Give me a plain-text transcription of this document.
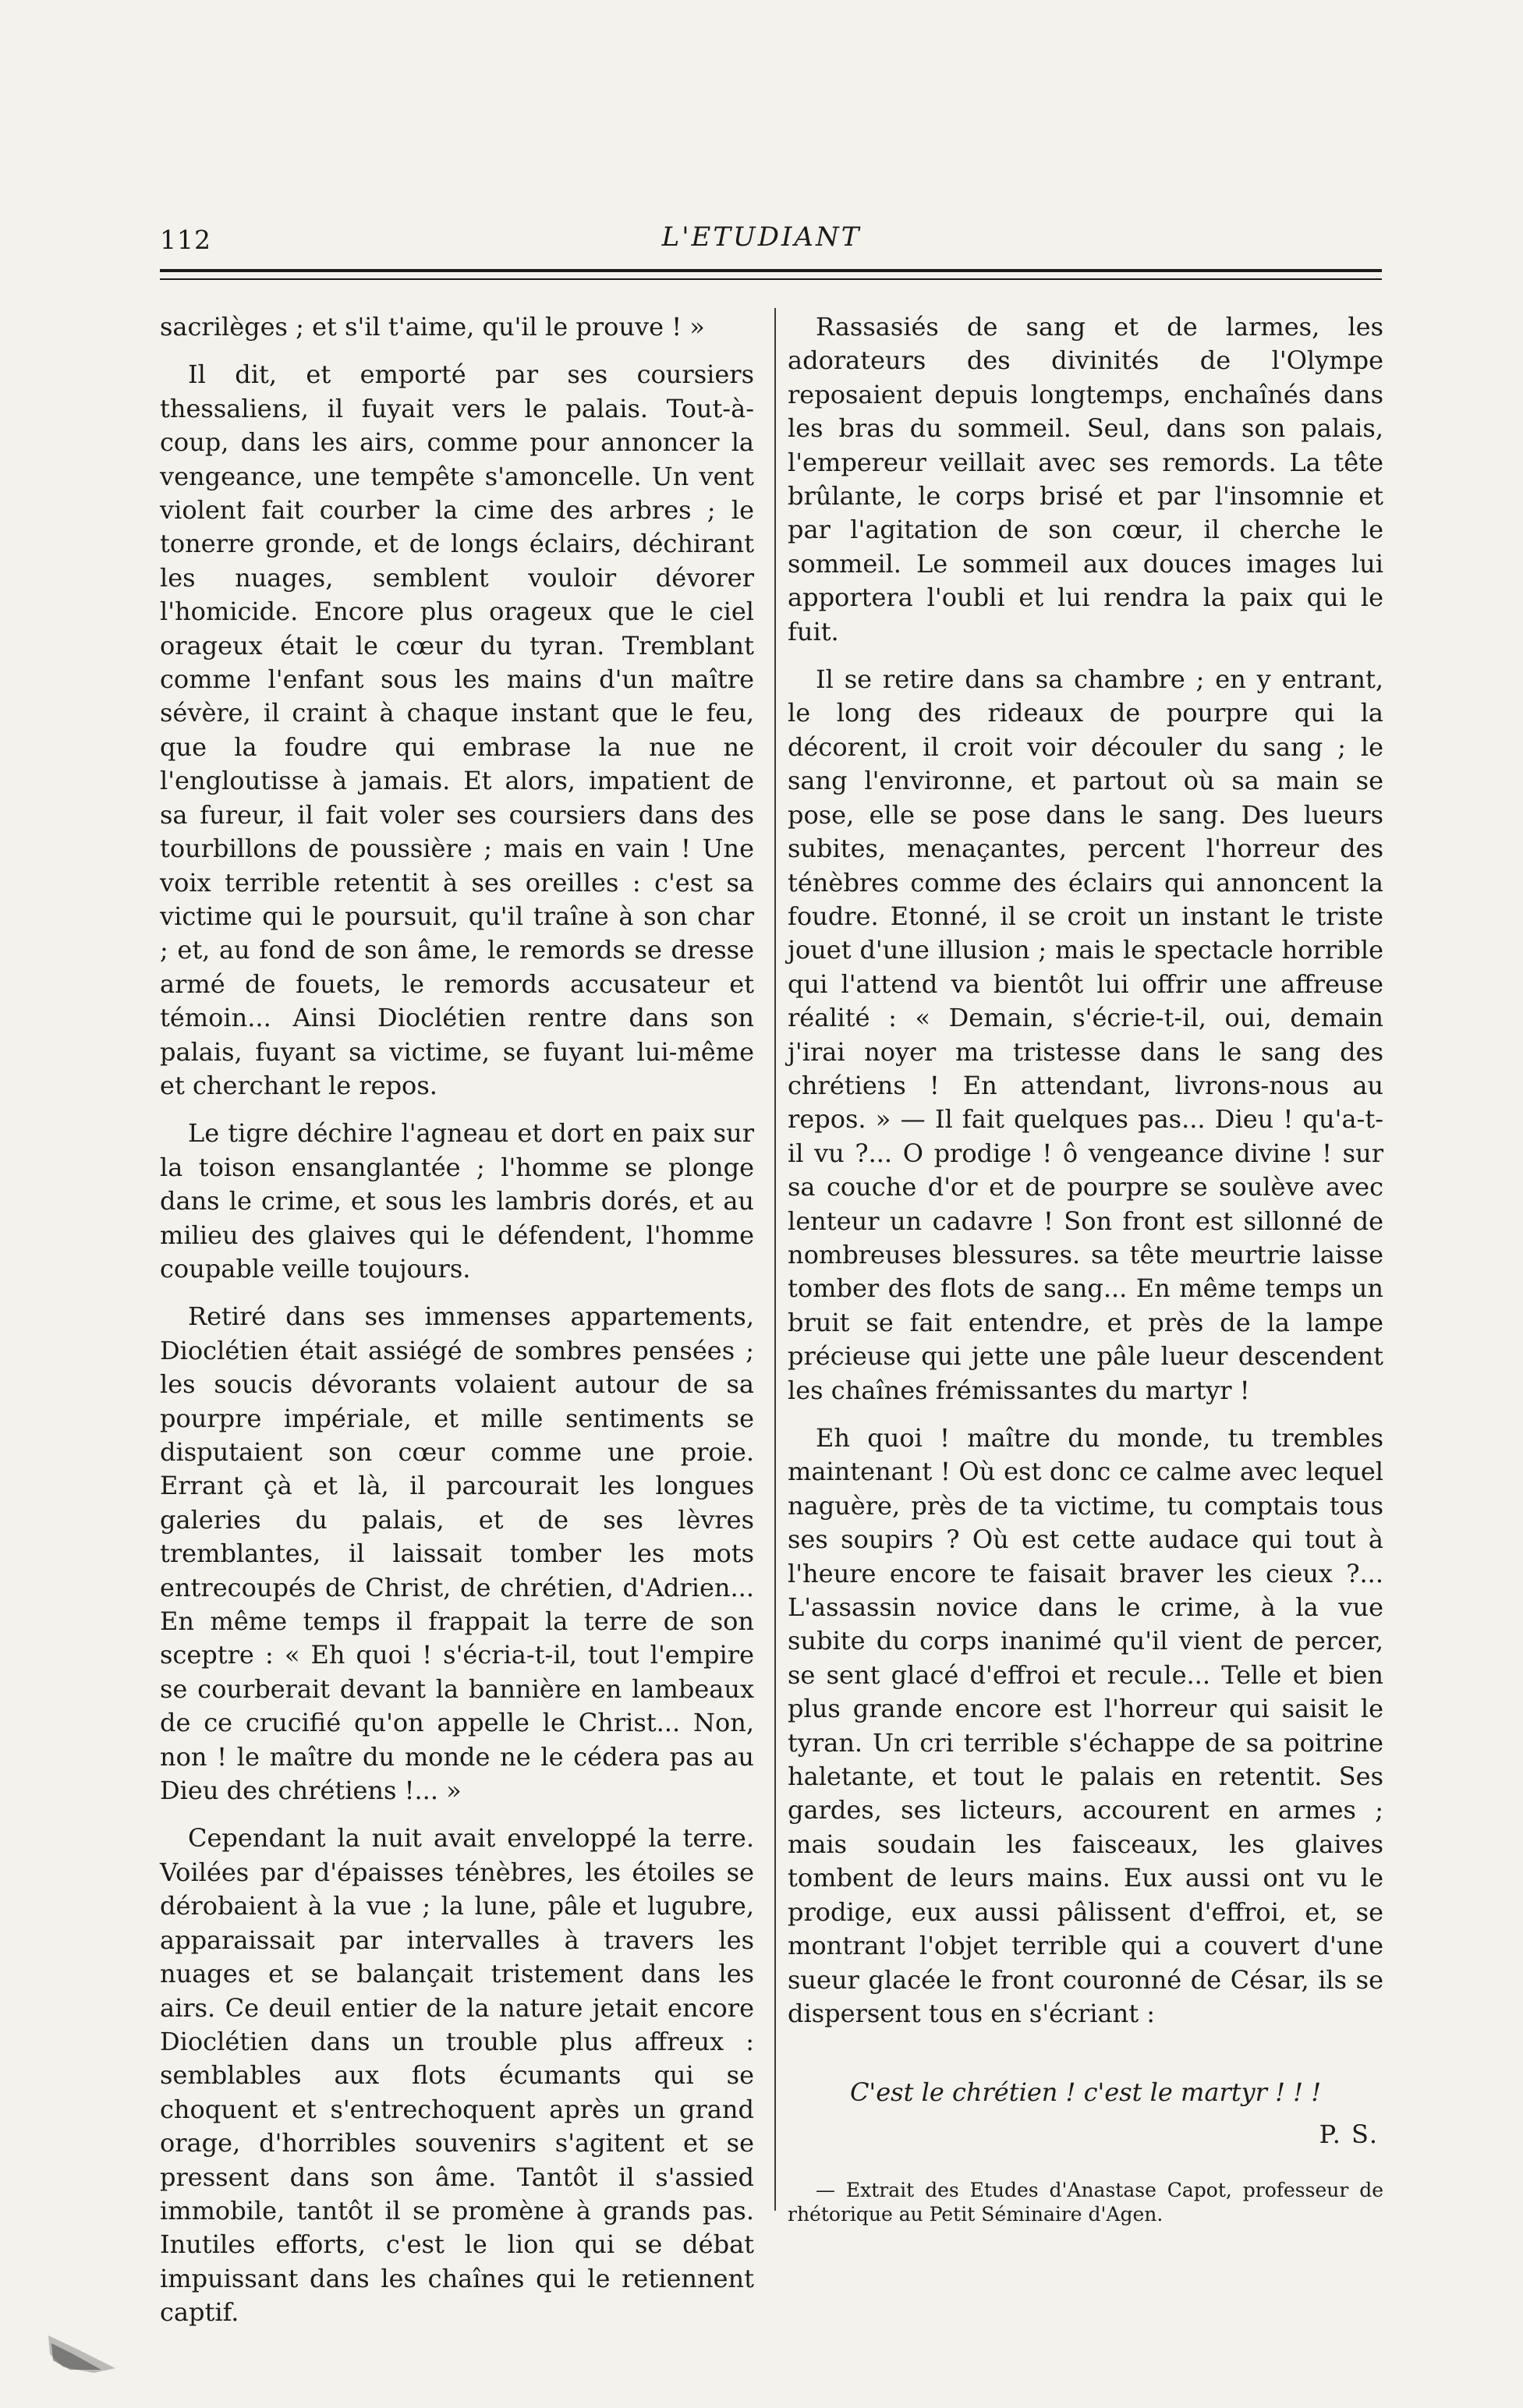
112	L'ETUDIANT

sacrilèges ; et s'il t'aime, qu'il le prouve ! »

Il dit, et emporté par ses coursiers thessaliens, il fuyait vers le palais. Tout-à-coup, dans les airs, comme pour annoncer la vengeance, une tempête s'amoncelle. Un vent violent fait courber la cime des arbres ; le tonerre gronde, et de longs éclairs, déchirant les nuages, semblent vouloir dévorer l'homicide. Encore plus orageux que le ciel orageux était le cœur du tyran. Tremblant comme l'enfant sous les mains d'un maître sévère, il craint à chaque instant que le feu, que la foudre qui embrase la nue ne l'engloutisse à jamais. Et alors, impatient de sa fureur, il fait voler ses coursiers dans des tourbillons de poussière ; mais en vain ! Une voix terrible retentit à ses oreilles : c'est sa victime qui le poursuit, qu'il traîne à son char ; et, au fond de son âme, le remords se dresse armé de fouets, le remords accusateur et témoin... Ainsi Dioclétien rentre dans son palais, fuyant sa victime, se fuyant lui-même et cherchant le repos.

Le tigre déchire l'agneau et dort en paix sur la toison ensanglantée ; l'homme se plonge dans le crime, et sous les lambris dorés, et au milieu des glaives qui le défendent, l'homme coupable veille toujours.

Retiré dans ses immenses appartements, Dioclétien était assiégé de sombres pensées ; les soucis dévorants volaient autour de sa pourpre impériale, et mille sentiments se disputaient son cœur comme une proie. Errant çà et là, il parcourait les longues galeries du palais, et de ses lèvres tremblantes, il laissait tomber les mots entrecoupés de Christ, de chrétien, d'Adrien... En même temps il frappait la terre de son sceptre : « Eh quoi ! s'écria-t-il, tout l'empire se courberait devant la bannière en lambeaux de ce crucifié qu'on appelle le Christ... Non, non ! le maître du monde ne le cédera pas au Dieu des chrétiens !... »

Cependant la nuit avait enveloppé la terre. Voilées par d'épaisses ténèbres, les étoiles se dérobaient à la vue ; la lune, pâle et lugubre, apparaissait par intervalles à travers les nuages et se balançait tristement dans les airs. Ce deuil entier de la nature jetait encore Dioclétien dans un trouble plus affreux : semblables aux flots écumants qui se choquent et s'entrechoquent après un grand orage, d'horribles souvenirs s'agitent et se pressent dans son âme. Tantôt il s'assied immobile, tantôt il se promène à grands pas. Inutiles efforts, c'est le lion qui se débat impuissant dans les chaînes qui le retiennent captif.

Rassasiés de sang et de larmes, les adorateurs des divinités de l'Olympe reposaient depuis longtemps, enchaînés dans les bras du sommeil. Seul, dans son palais, l'empereur veillait avec ses remords. La tête brûlante, le corps brisé et par l'insomnie et par l'agitation de son cœur, il cherche le sommeil. Le sommeil aux douces images lui apportera l'oubli et lui rendra la paix qui le fuit.

Il se retire dans sa chambre ; en y entrant, le long des rideaux de pourpre qui la décorent, il croit voir découler du sang ; le sang l'environne, et partout où sa main se pose, elle se pose dans le sang. Des lueurs subites, menaçantes, percent l'horreur des ténèbres comme des éclairs qui annoncent la foudre. Etonné, il se croit un instant le triste jouet d'une illusion ; mais le spectacle horrible qui l'attend va bientôt lui offrir une affreuse réalité : « Demain, s'écrie-t-il, oui, demain j'irai noyer ma tristesse dans le sang des chrétiens ! En attendant, livrons-nous au repos. » — Il fait quelques pas... Dieu ! qu'a-t-il vu ?... O prodige ! ô vengeance divine ! sur sa couche d'or et de pourpre se soulève avec lenteur un cadavre ! Son front est sillonné de nombreuses blessures. sa tête meurtrie laisse tomber des flots de sang... En même temps un bruit se fait entendre, et près de la lampe précieuse qui jette une pâle lueur descendent les chaînes frémissantes du martyr !

Eh quoi ! maître du monde, tu trembles maintenant ! Où est donc ce calme avec lequel naguère, près de ta victime, tu comptais tous ses soupirs ? Où est cette audace qui tout à l'heure encore te faisait braver les cieux ?... L'assassin novice dans le crime, à la vue subite du corps inanimé qu'il vient de percer, se sent glacé d'effroi et recule... Telle et bien plus grande encore est l'horreur qui saisit le tyran. Un cri terrible s'échappe de sa poitrine haletante, et tout le palais en retentit. Ses gardes, ses licteurs, accourent en armes ; mais soudain les faisceaux, les glaives tombent de leurs mains. Eux aussi ont vu le prodige, eux aussi pâlissent d'effroi, et, se montrant l'objet terrible qui a couvert d'une sueur glacée le front couronné de César, ils se dispersent tous en s'écriant :

C'est le chrétien ! c'est le martyr ! ! !

P. S.

— Extrait des Etudes d'Anastase Capot, professeur de rhétorique au Petit Séminaire d'Agen.
